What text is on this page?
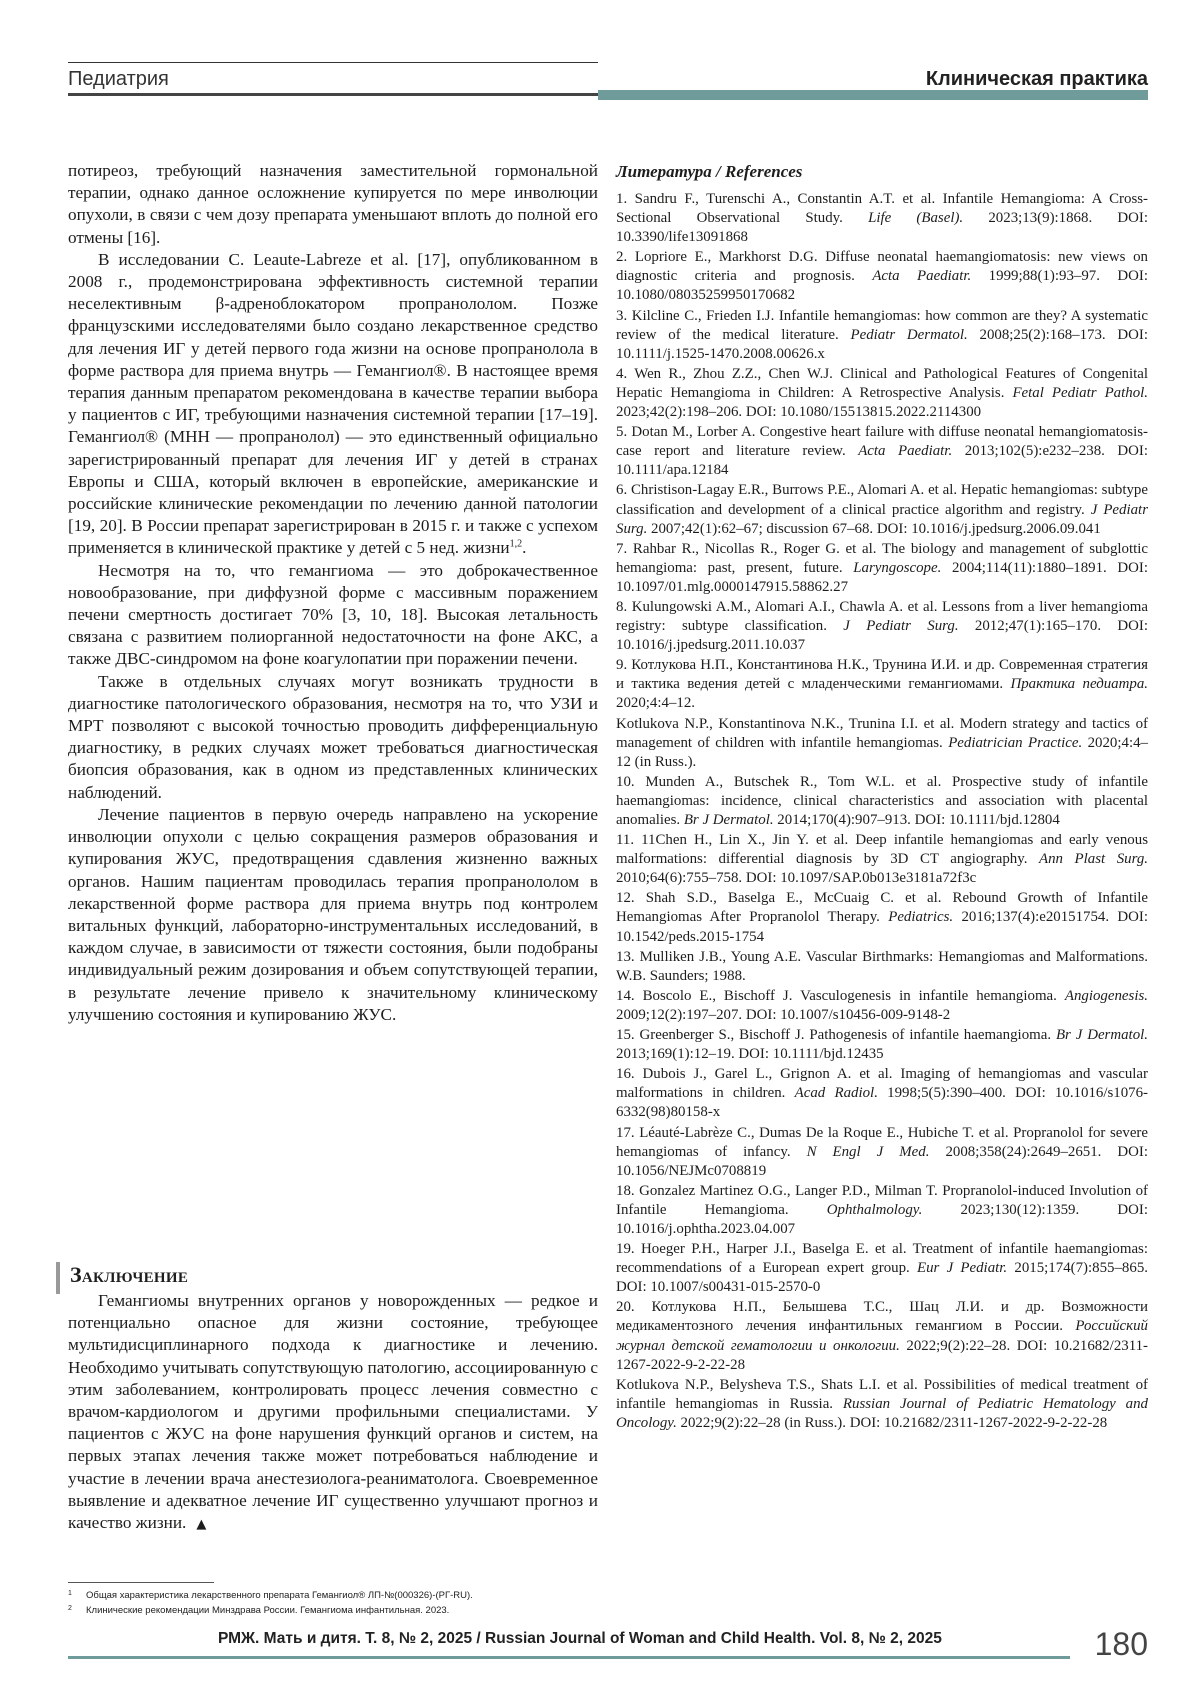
Педиатрия	Клиническая практика

потиреоз, требующий назначения заместительной гормональной терапии, однако данное осложнение купируется по мере инволюции опухоли, в связи с чем дозу препарата уменьшают вплоть до полной его отмены [16].

В исследовании C. Leaute-Labreze et al. [17], опубликованном в 2008 г., продемонстрирована эффективность системной терапии неселективным β-адреноблокатором пропранололом. Позже французскими исследователями было создано лекарственное средство для лечения ИГ у детей первого года жизни на основе пропранолола в форме раствора для приема внутрь — Гемангиол®. В настоящее время терапия данным препаратом рекомендована в качестве терапии выбора у пациентов с ИГ, требующими назначения системной терапии [17–19]. Гемангиол® (МНН — пропранолол) — это единственный официально зарегистрированный препарат для лечения ИГ у детей в странах Европы и США, который включен в европейские, американские и российские клинические рекомендации по лечению данной патологии [19, 20]. В России препарат зарегистрирован в 2015 г. и также с успехом применяется в клинической практике у детей с 5 нед. жизни$^{1,2}$.

Несмотря на то, что гемангиома — это доброкачественное новообразование, при диффузной форме с массивным поражением печени смертность достигает 70% [3, 10, 18]. Высокая летальность связана с развитием полиорганной недостаточности на фоне АКС, а также ДВС-синдромом на фоне коагулопатии при поражении печени.

Также в отдельных случаях могут возникать трудности в диагностике патологического образования, несмотря на то, что УЗИ и МРТ позволяют с высокой точностью проводить дифференциальную диагностику, в редких случаях может требоваться диагностическая биопсия образования, как в одном из представленных клинических наблюдений.

Лечение пациентов в первую очередь направлено на ускорение инволюции опухоли с целью сокращения размеров образования и купирования ЖУС, предотвращения сдавления жизненно важных органов. Нашим пациентам проводилась терапия пропранололом в лекарственной форме раствора для приема внутрь под контролем витальных функций, лабораторно-инструментальных исследований, в каждом случае, в зависимости от тяжести состояния, были подобраны индивидуальный режим дозирования и объем сопутствующей терапии, в результате лечение привело к значительному клиническому улучшению состояния и купированию ЖУС.

Заключение

Гемангиомы внутренних органов у новорожденных — редкое и потенциально опасное для жизни состояние, требующее мультидисциплинарного подхода к диагностике и лечению. Необходимо учитывать сопутствующую патологию, ассоциированную с этим заболеванием, контролировать процесс лечения совместно с врачом-кардиологом и другими профильными специалистами. У пациентов с ЖУС на фоне нарушения функций органов и систем, на первых этапах лечения также может потребоваться наблюдение и участие в лечении врача анестезиолога-реаниматолога. Своевременное выявление и адекватное лечение ИГ существенно улучшают прогноз и качество жизни. ▲

1 Общая характеристика лекарственного препарата Гемангиол® ЛП-№(000326)-(РГ-RU).
2 Клинические рекомендации Минздрава России. Гемангиома инфантильная. 2023.
Литература / References

1. Sandru F., Turenschi A., Constantin A.T. et al. Infantile Hemangioma: A Cross-Sectional Observational Study. Life (Basel). 2023;13(9):1868. DOI: 10.3390/life13091868

2. Lopriore E., Markhorst D.G. Diffuse neonatal haemangiomatosis: new views on diagnostic criteria and prognosis. Acta Paediatr. 1999;88(1):93–97. DOI: 10.1080/08035259950170682

3. Kilcline C., Frieden I.J. Infantile hemangiomas: how common are they? A systematic review of the medical literature. Pediatr Dermatol. 2008;25(2):168–173. DOI: 10.1111/j.1525-1470.2008.00626.x

4. Wen R., Zhou Z.Z., Chen W.J. Clinical and Pathological Features of Congenital Hepatic Hemangioma in Children: A Retrospective Analysis. Fetal Pediatr Pathol. 2023;42(2):198–206. DOI: 10.1080/15513815.2022.2114300

5. Dotan M., Lorber A. Congestive heart failure with diffuse neonatal hemangiomatosis-case report and literature review. Acta Paediatr. 2013;102(5):e232–238. DOI: 10.1111/apa.12184

6. Christison-Lagay E.R., Burrows P.E., Alomari A. et al. Hepatic hemangiomas: subtype classification and development of a clinical practice algorithm and registry. J Pediatr Surg. 2007;42(1):62–67; discussion 67–68. DOI: 10.1016/j.jpedsurg.2006.09.041

7. Rahbar R., Nicollas R., Roger G. et al. The biology and management of subglottic hemangioma: past, present, future. Laryngoscope. 2004;114(11):1880–1891. DOI: 10.1097/01.mlg.0000147915.58862.27

8. Kulungowski A.M., Alomari A.I., Chawla A. et al. Lessons from a liver hemangioma registry: subtype classification. J Pediatr Surg. 2012;47(1):165–170. DOI: 10.1016/j.jpedsurg.2011.10.037

9. Котлукова Н.П., Константинова Н.К., Трунина И.И. и др. Современная стратегия и тактика ведения детей с младенческими гемангиомами. Практика педиатра. 2020;4:4–12.

Kotlukova N.P., Konstantinova N.K., Trunina I.I. et al. Modern strategy and tactics of management of children with infantile hemangiomas. Pediatrician Practice. 2020;4:4–12 (in Russ.).

10. Munden A., Butschek R., Tom W.L. et al. Prospective study of infantile haemangiomas: incidence, clinical characteristics and association with placental anomalies. Br J Dermatol. 2014;170(4):907–913. DOI: 10.1111/bjd.12804

11. 11Chen H., Lin X., Jin Y. et al. Deep infantile hemangiomas and early venous malformations: differential diagnosis by 3D CT angiography. Ann Plast Surg. 2010;64(6):755–758. DOI: 10.1097/SAP.0b013e3181a72f3c

12. Shah S.D., Baselga E., McCuaig C. et al. Rebound Growth of Infantile Hemangiomas After Propranolol Therapy. Pediatrics. 2016;137(4):e20151754. DOI: 10.1542/peds.2015-1754

13. Mulliken J.B., Young A.E. Vascular Birthmarks: Hemangiomas and Malformations. W.B. Saunders; 1988.

14. Boscolo E., Bischoff J. Vasculogenesis in infantile hemangioma. Angiogenesis. 2009;12(2):197–207. DOI: 10.1007/s10456-009-9148-2

15. Greenberger S., Bischoff J. Pathogenesis of infantile haemangioma. Br J Dermatol. 2013;169(1):12–19. DOI: 10.1111/bjd.12435

16. Dubois J., Garel L., Grignon A. et al. Imaging of hemangiomas and vascular malformations in children. Acad Radiol. 1998;5(5):390–400. DOI: 10.1016/s1076-6332(98)80158-x

17. Léauté-Labrèze C., Dumas De la Roque E., Hubiche T. et al. Propranolol for severe hemangiomas of infancy. N Engl J Med. 2008;358(24):2649–2651. DOI: 10.1056/NEJMc0708819

18. Gonzalez Martinez O.G., Langer P.D., Milman T. Propranolol-induced Involution of Infantile Hemangioma. Ophthalmology. 2023;130(12):1359. DOI: 10.1016/j.ophtha.2023.04.007

19. Hoeger P.H., Harper J.I., Baselga E. et al. Treatment of infantile haemangiomas: recommendations of a European expert group. Eur J Pediatr. 2015;174(7):855–865. DOI: 10.1007/s00431-015-2570-0

20. Котлукова Н.П., Белышева Т.С., Шац Л.И. и др. Возможности медикаментозного лечения инфантильных гемангиом в России. Российский журнал детской гематологии и онкологии. 2022;9(2):22–28. DOI: 10.21682/2311-1267-2022-9-2-22-28

Kotlukova N.P., Belysheva T.S., Shats L.I. et al. Possibilities of medical treatment of infantile hemangiomas in Russia. Russian Journal of Pediatric Hematology and Oncology. 2022;9(2):22–28 (in Russ.). DOI: 10.21682/2311-1267-2022-9-2-22-28

РМЖ. Мать и дитя. Т. 8, № 2, 2025 / Russian Journal of Woman and Child Health. Vol. 8, № 2, 2025	180
